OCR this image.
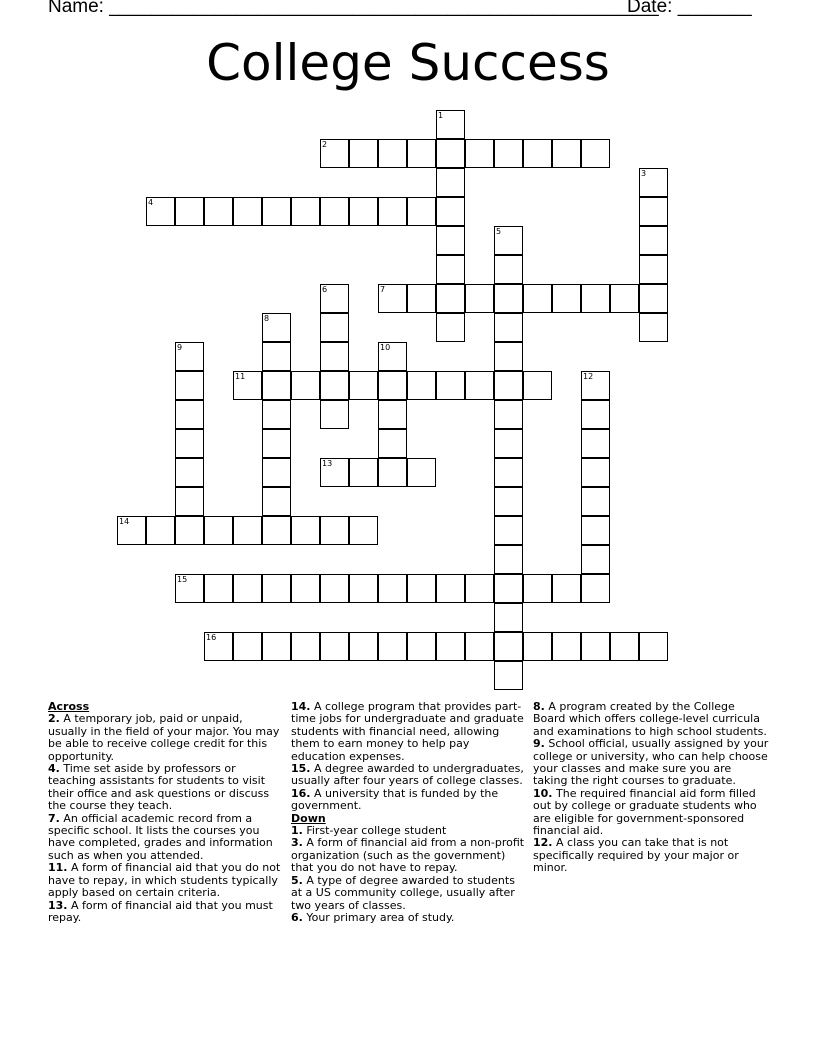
Name: ____________________________________________________
Date: _______
College Success
1
2
3
4
5
6	7
8
9	10
11	12
13
14
15
16
Across
2. A temporary job, paid or unpaid, usually in the field of your major. You may be able to receive college credit for this opportunity.
4. Time set aside by professors or teaching assistants for students to visit their office and ask questions or discuss the course they teach.
7. An official academic record from a specific school. It lists the courses you have completed, grades and information such as when you attended.
11. A form of financial aid that you do not have to repay, in which students typically apply based on certain criteria.
13. A form of financial aid that you must repay.
14. A college program that provides part-time jobs for undergraduate and graduate students with financial need, allowing them to earn money to help pay education expenses.
15. A degree awarded to undergraduates, usually after four years of college classes.
16. A university that is funded by the government.
Down
1. First-year college student
3. A form of financial aid from a non-profit organization (such as the government) that you do not have to repay.
5. A type of degree awarded to students at a US community college, usually after two years of classes.
6. Your primary area of study.
8. A program created by the College Board which offers college-level curricula and examinations to high school students.
9. School official, usually assigned by your college or university, who can help choose your classes and make sure you are taking the right courses to graduate.
10. The required financial aid form filled out by college or graduate students who are eligible for government-sponsored financial aid.
12. A class you can take that is not specifically required by your major or minor.
